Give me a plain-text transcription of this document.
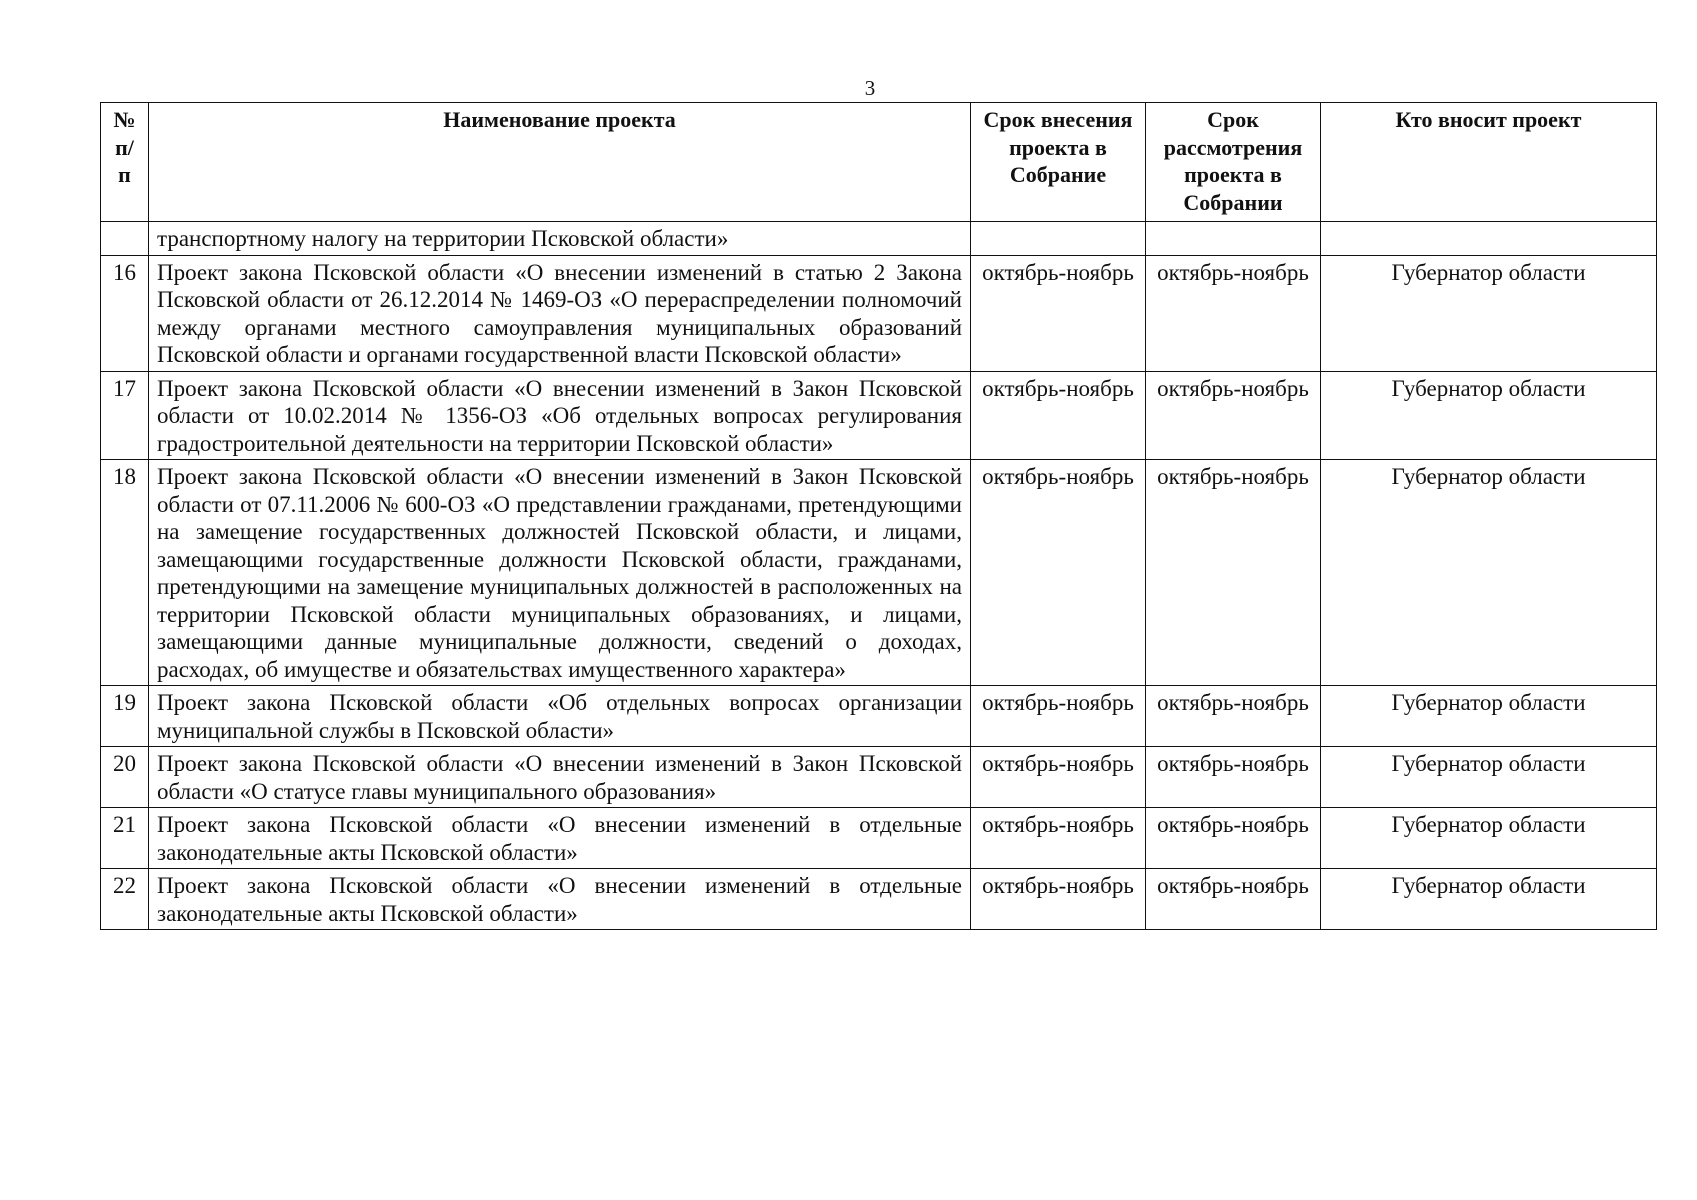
3
№ п/п	Наименование проекта	Срок внесения проекта в Собрание	Срок рассмотрения проекта в Собрании	Кто вносит проект
	транспортному налогу на территории Псковской области»			
16	Проект закона Псковской области «О внесении изменений в статью 2 Закона Псковской области от 26.12.2014 № 1469-ОЗ «О перераспределении полномочий между органами местного самоуправления муниципальных образований Псковской области и органами государственной власти Псковской области»	октябрь-ноябрь	октябрь-ноябрь	Губернатор области
17	Проект закона Псковской области «О внесении изменений в Закон Псковской области от 10.02.2014 № 1356-ОЗ «Об отдельных вопросах регулирования градостроительной деятельности на территории Псковской области»	октябрь-ноябрь	октябрь-ноябрь	Губернатор области
18	Проект закона Псковской области «О внесении изменений в Закон Псковской области от 07.11.2006 № 600-ОЗ «О представлении гражданами, претендующими на замещение государственных должностей Псковской области, и лицами, замещающими государственные должности Псковской области, гражданами, претендующими на замещение муниципальных должностей в расположенных на территории Псковской области муниципальных образованиях, и лицами, замещающими данные муниципальные должности, сведений о доходах, расходах, об имуществе и обязательствах имущественного характера»	октябрь-ноябрь	октябрь-ноябрь	Губернатор области
19	Проект закона Псковской области «Об отдельных вопросах организации муниципальной службы в Псковской области»	октябрь-ноябрь	октябрь-ноябрь	Губернатор области
20	Проект закона Псковской области «О внесении изменений в Закон Псковской области «О статусе главы муниципального образования»	октябрь-ноябрь	октябрь-ноябрь	Губернатор области
21	Проект закона Псковской области «О внесении изменений в отдельные законодательные акты Псковской области»	октябрь-ноябрь	октябрь-ноябрь	Губернатор области
22	Проект закона Псковской области «О внесении изменений в отдельные законодательные акты Псковской области»	октябрь-ноябрь	октябрь-ноябрь	Губернатор области
